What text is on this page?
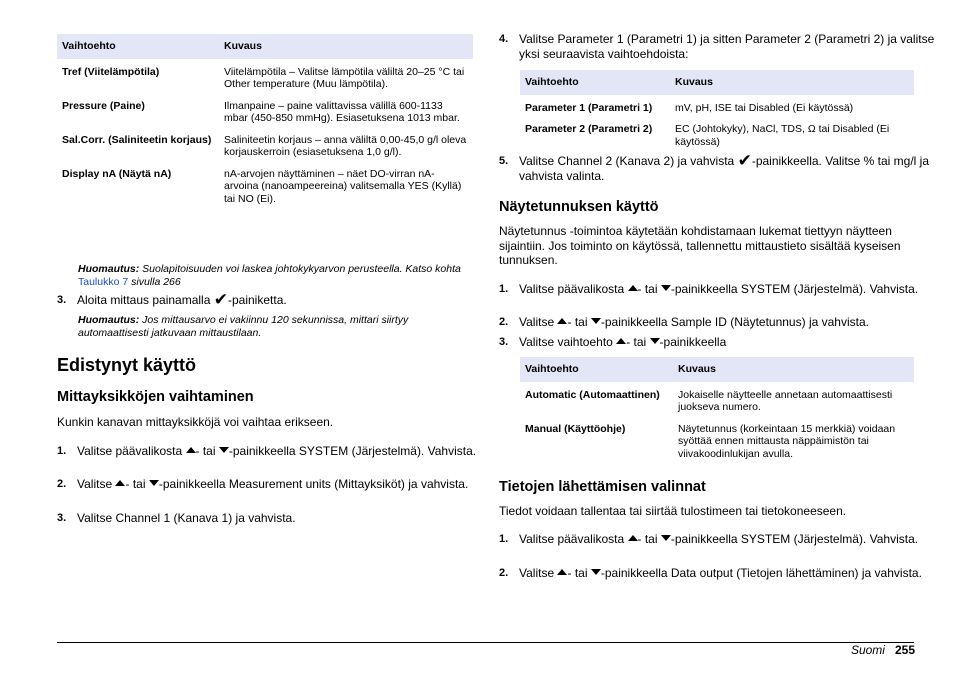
Vaihtoehto	Kuvaus
Tref (Viitelämpötila)	Viitelämpötila – Valitse lämpötila väliltä 20–25 °C tai Other temperature (Muu lämpötila).
Pressure (Paine)	Ilmanpaine – paine valittavissa välillä 600-1133 mbar (450-850 mmHg). Esiasetuksena 1013 mbar.
Sal.Corr. (Saliniteetin korjaus)	Saliniteetin korjaus – anna väliltä 0,00-45,0 g/l oleva korjauskerroin (esiasetuksena 1,0 g/l).
Display nA (Näytä nA)	nA-arvojen näyttäminen – näet DO-virran nA-arvoina (nanoampeereina) valitsemalla YES (Kyllä) tai NO (Ei).

Huomautus: Suolapitoisuuden voi laskea johtokykyarvon perusteella. Katso kohta Taulukko 7 sivulla 266

3. Aloita mittaus painamalla ✔-painiketta.

Huomautus: Jos mittausarvo ei vakiinnu 120 sekunnissa, mittari siirtyy automaattisesti jatkuvaan mittaustilaan.

Edistynyt käyttö
Mittayksikköjen vaihtaminen

Kunkin kanavan mittayksikköjä voi vaihtaa erikseen.

1. Valitse päävalikosta - tai -painikkeella SYSTEM (Järjestelmä). Vahvista.

2. Valitse - tai -painikkeella Measurement units (Mittayksiköt) ja vahvista.

3. Valitse Channel 1 (Kanava 1) ja vahvista.

4. Valitse Parameter 1 (Parametri 1) ja sitten Parameter 2 (Parametri 2) ja valitse yksi seuraavista vaihtoehdoista:

Vaihtoehto	Kuvaus
Parameter 1 (Parametri 1)	mV, pH, ISE tai Disabled (Ei käytössä)
Parameter 2 (Parametri 2)	EC (Johtokyky), NaCl, TDS, Ω tai Disabled (Ei käytössä)

5. Valitse Channel 2 (Kanava 2) ja vahvista ✔-painikkeella. Valitse % tai mg/l ja vahvista valinta.

Näytetunnuksen käyttö

Näytetunnus -toimintoa käytetään kohdistamaan lukemat tiettyyn näytteen sijaintiin. Jos toiminto on käytössä, tallennettu mittaustieto sisältää kyseisen tunnuksen.

1. Valitse päävalikosta - tai -painikkeella SYSTEM (Järjestelmä). Vahvista.

2. Valitse - tai -painikkeella Sample ID (Näytetunnus) ja vahvista.

3. Valitse vaihtoehto - tai -painikkeella

Vaihtoehto	Kuvaus
Automatic (Automaattinen)	Jokaiselle näytteelle annetaan automaattisesti juokseva numero.
Manual (Käyttöohje)	Näytetunnus (korkeintaan 15 merkkiä) voidaan syöttää ennen mittausta näppäimistön tai viivakoodinlukijan avulla.
Tietojen lähettämisen valinnat

Tiedot voidaan tallentaa tai siirtää tulostimeen tai tietokoneeseen.

1. Valitse päävalikosta - tai -painikkeella SYSTEM (Järjestelmä). Vahvista.

2. Valitse - tai -painikkeella Data output (Tietojen lähettäminen) ja vahvista.

Suomi 255
